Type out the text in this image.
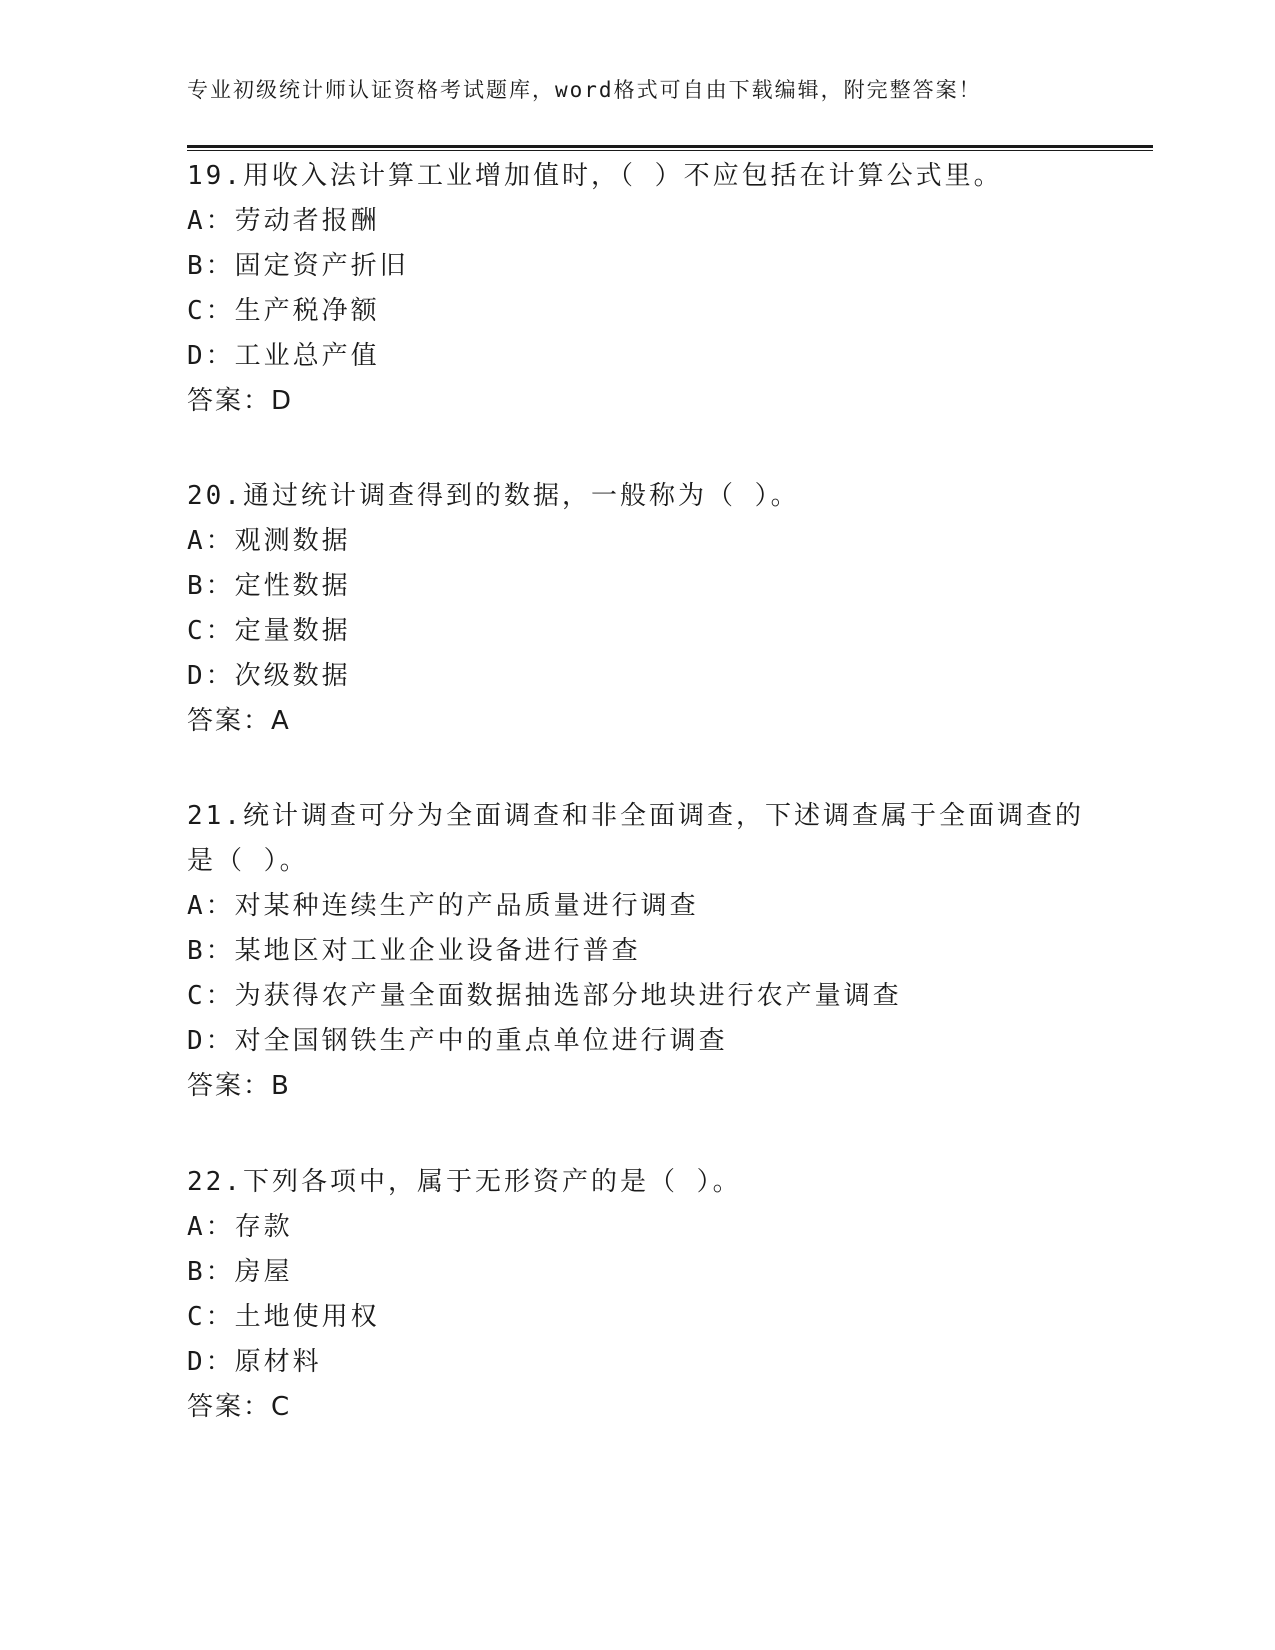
专业初级统计师认证资格考试题库，word格式可自由下载编辑，附完整答案！

19.用收入法计算工业增加值时，（ ）不应包括在计算公式里。

A：劳动者报酬

B：固定资产折旧

C：生产税净额

D：工业总产值

答案：D

20.通过统计调查得到的数据，一般称为（ ）。

A：观测数据

B：定性数据

C：定量数据

D：次级数据

答案：A

21.统计调查可分为全面调查和非全面调查，下述调查属于全面调查的是（ ）。

A：对某种连续生产的产品质量进行调查

B：某地区对工业企业设备进行普查

C：为获得农产量全面数据抽选部分地块进行农产量调查

D：对全国钢铁生产中的重点单位进行调查

答案：B

22.下列各项中，属于无形资产的是（ ）。

A：存款

B：房屋

C：土地使用权

D：原材料

答案：C
